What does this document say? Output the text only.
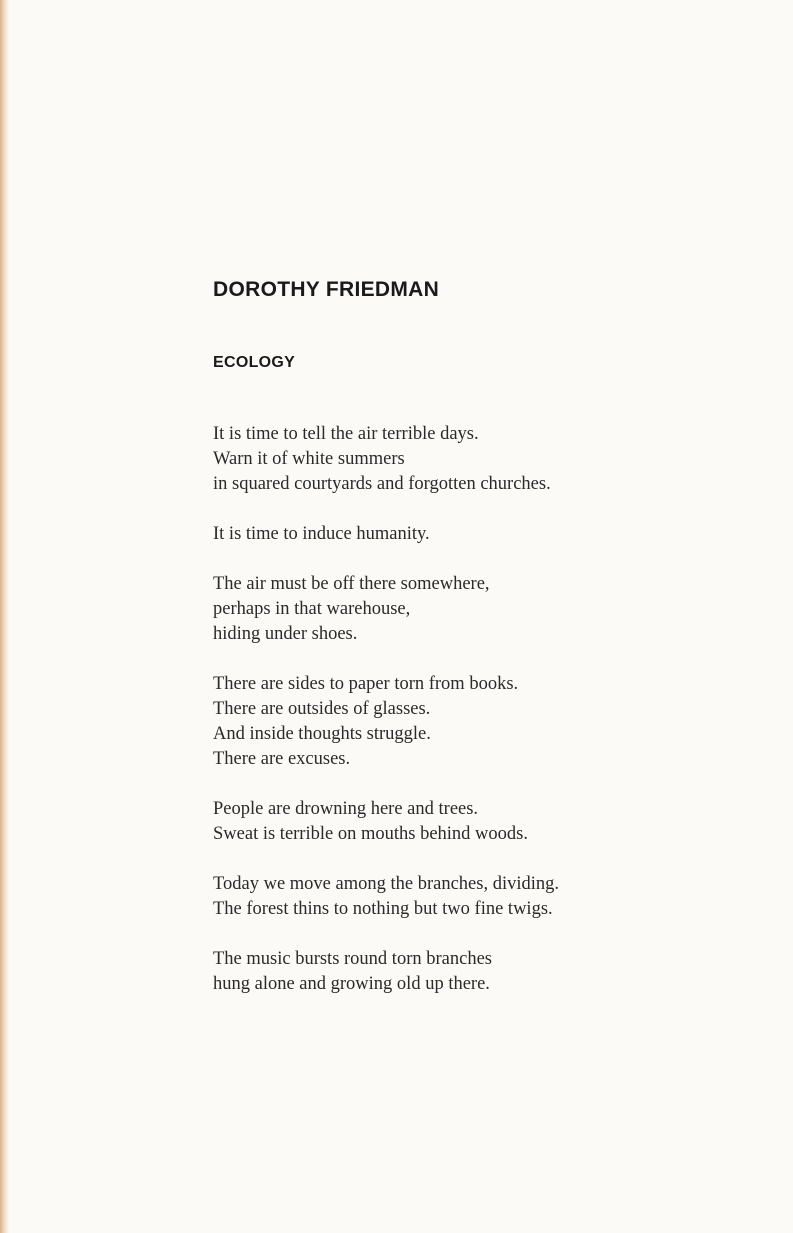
DOROTHY FRIEDMAN
ECOLOGY

It is time to tell the air terrible days.
Warn it of white summers
in squared courtyards and forgotten churches.

It is time to induce humanity.

The air must be off there somewhere,
perhaps in that warehouse,
hiding under shoes.

There are sides to paper torn from books.
There are outsides of glasses.
And inside thoughts struggle.
There are excuses.

People are drowning here and trees.
Sweat is terrible on mouths behind woods.

Today we move among the branches, dividing.
The forest thins to nothing but two fine twigs.

The music bursts round torn branches
hung alone and growing old up there.
